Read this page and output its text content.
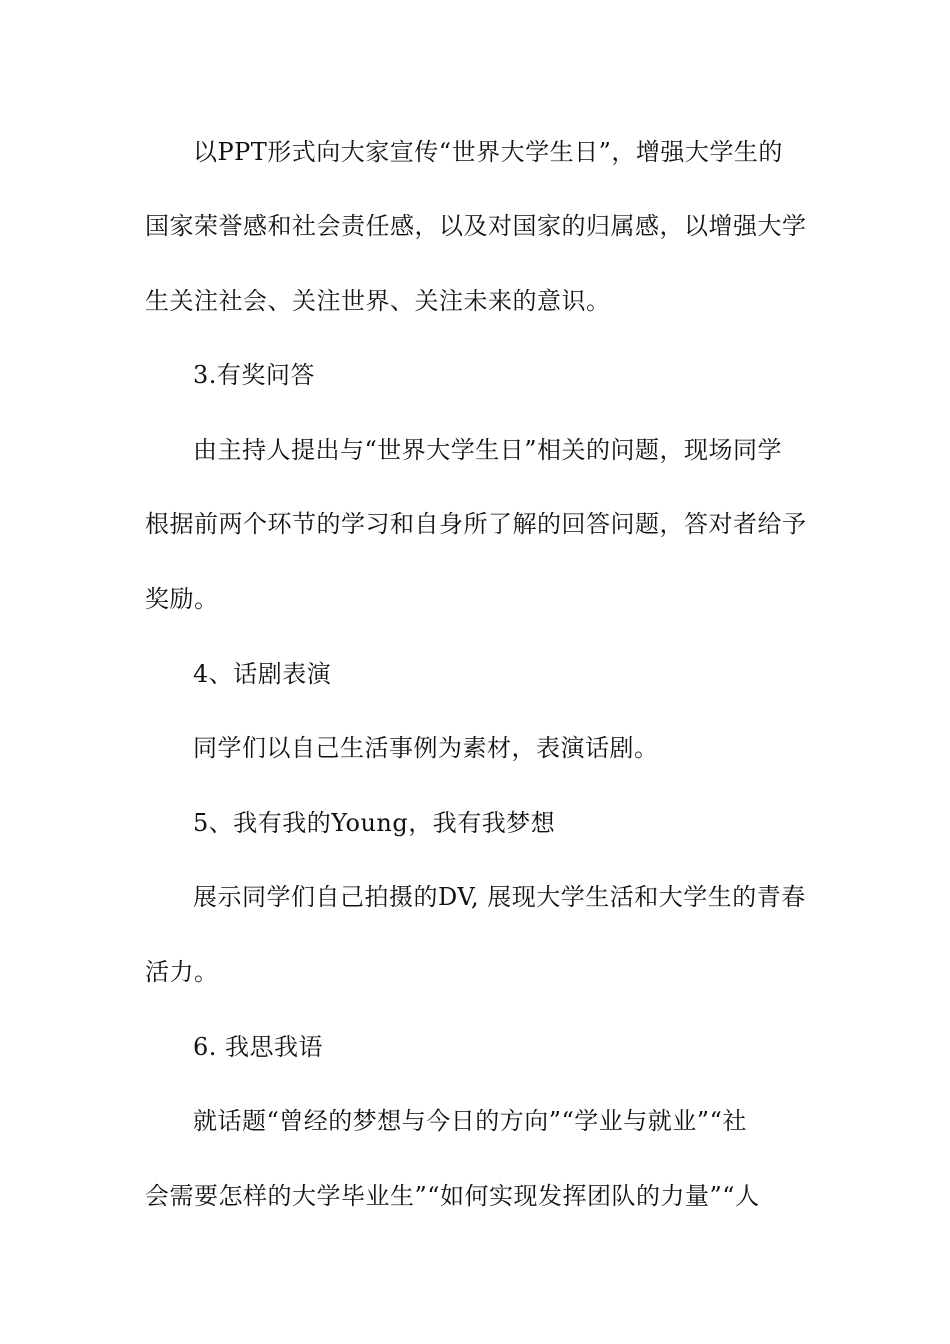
以PPT形式向大家宣传“世界大学生日”，增强大学生的
国家荣誉感和社会责任感，以及对国家的归属感，以增强大学
生关注社会、关注世界、关注未来的意识。
3.有奖问答
由主持人提出与“世界大学生日”相关的问题，现场同学
根据前两个环节的学习和自身所了解的回答问题，答对者给予
奖励。
4、话剧表演
同学们以自己生活事例为素材，表演话剧。
5、我有我的Young，我有我梦想
展示同学们自己拍摄的DV, 展现大学生活和大学生的青春
活力。
6. 我思我语
就话题“曾经的梦想与今日的方向”“学业与就业”“社
会需要怎样的大学毕业生”“如何实现发挥团队的力量”“人
